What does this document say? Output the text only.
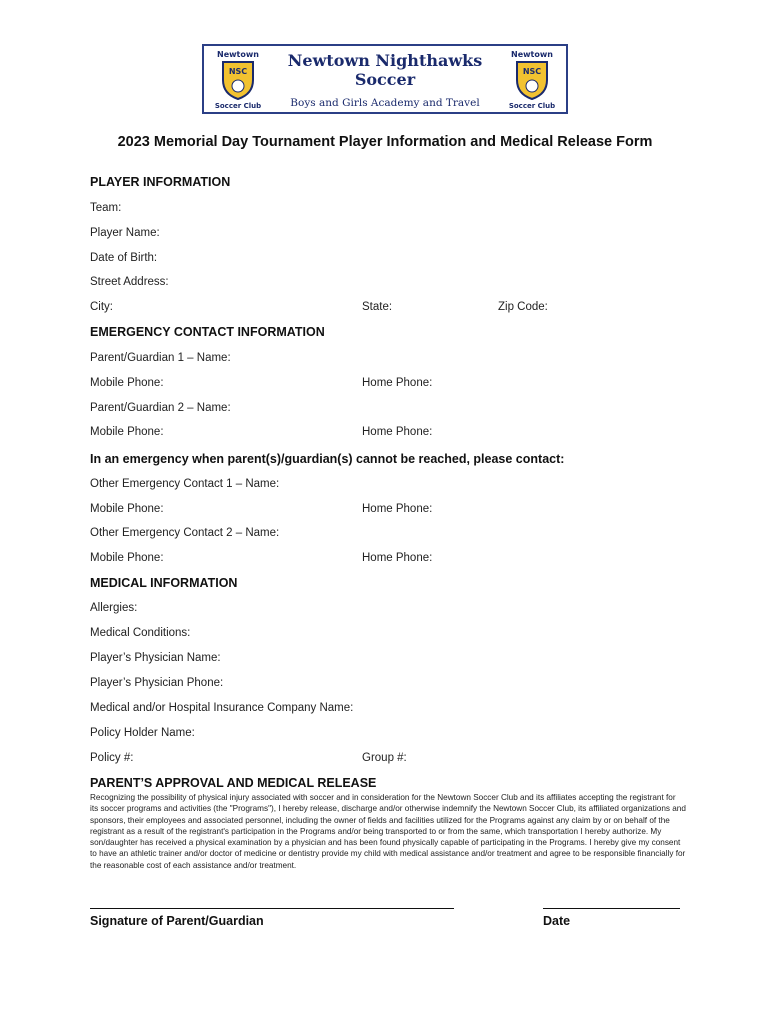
Newtown
NSC
Soccer Club
Newtown Nighthawks
Soccer
Boys and Girls Academy and Travel
Newtown
NSC
Soccer Club
2023 Memorial Day Tournament Player Information and Medical Release Form
PLAYER INFORMATION
Team:
Player Name:
Date of Birth:
Street Address:
City:	State:	Zip Code:
EMERGENCY CONTACT INFORMATION
Parent/Guardian 1 – Name:
Mobile Phone:	Home Phone:
Parent/Guardian 2 – Name:
Mobile Phone:	Home Phone:
In an emergency when parent(s)/guardian(s) cannot be reached, please contact:
Other Emergency Contact 1 – Name:
Mobile Phone:	Home Phone:
Other Emergency Contact 2 – Name:
Mobile Phone:	Home Phone:
MEDICAL INFORMATION
Allergies:
Medical Conditions:
Player’s Physician Name:
Player’s Physician Phone:
Medical and/or Hospital Insurance Company Name:
Policy Holder Name:
Policy #:	Group #:
PARENT’S APPROVAL AND MEDICAL RELEASE
Recognizing the possibility of physical injury associated with soccer and in consideration for the Newtown Soccer Club and its affiliates accepting the registrant for its soccer programs and activities (the "Programs"), I hereby release, discharge and/or otherwise indemnify the Newtown Soccer Club, its affiliated organizations and sponsors, their employees and associated personnel, including the owner of fields and facilities utilized for the Programs against any claim by or on behalf of the registrant as a result of the registrant's participation in the Programs and/or being transported to or from the same, which transportation I hereby authorize. My son/daughter has received a physical examination by a physician and has been found physically capable of participating in the Programs. I hereby give my consent to have an athletic trainer and/or doctor of medicine or dentistry provide my child with medical assistance and/or treatment and agree to be responsible financially for the reasonable cost of each assistance and/or treatment.
Signature of Parent/Guardian	Date
